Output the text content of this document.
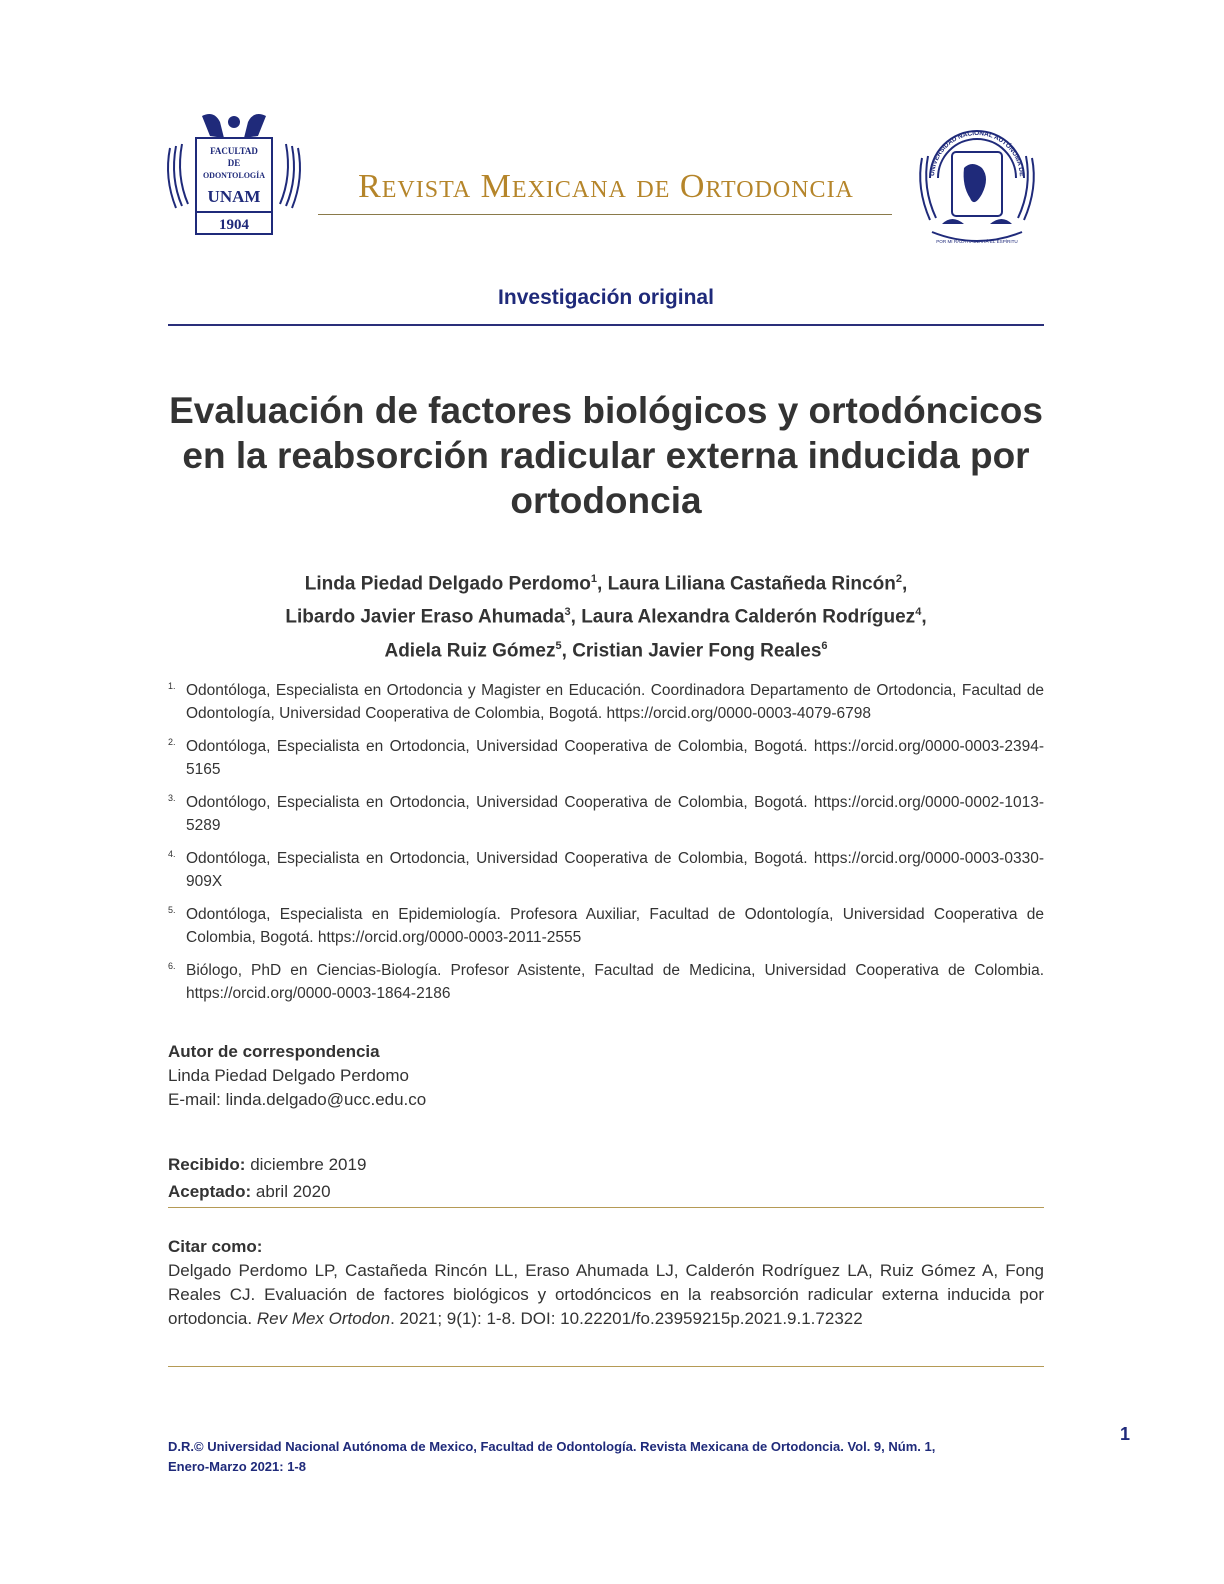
FACULTAD
DE
ODONTOLOGÍA
UNAM
1904
Revista Mexicana de Ortodoncia	UNIVERSIDAD NACIONAL AUTÓNOMA DE
POR MI RAZA HABLARÁ EL ESPÍRITU
Investigación original
Evaluación de factores biológicos y ortodóncicos en la reabsorción radicular externa inducida por ortodoncia
Linda Piedad Delgado Perdomo$^1$, Laura Liliana Castañeda Rincón$^2$,
Libardo Javier Eraso Ahumada$^3$, Laura Alexandra Calderón Rodríguez$^4$,
Adiela Ruiz Gómez$^5$, Cristian Javier Fong Reales$^6$
1. Odontóloga, Especialista en Ortodoncia y Magister en Educación. Coordinadora Departamento de Ortodoncia, Facultad de Odontología, Universidad Cooperativa de Colombia, Bogotá. https://orcid.org/0000-0003-4079-6798
2. Odontóloga, Especialista en Ortodoncia, Universidad Cooperativa de Colombia, Bogotá. https://orcid.org/0000-0003-2394-5165
3. Odontólogo, Especialista en Ortodoncia, Universidad Cooperativa de Colombia, Bogotá. https://orcid.org/0000-0002-1013-5289
4. Odontóloga, Especialista en Ortodoncia, Universidad Cooperativa de Colombia, Bogotá. https://orcid.org/0000-0003-0330-909X
5. Odontóloga, Especialista en Epidemiología. Profesora Auxiliar, Facultad de Odontología, Universidad Cooperativa de Colombia, Bogotá. https://orcid.org/0000-0003-2011-2555
6. Biólogo, PhD en Ciencias-Biología. Profesor Asistente, Facultad de Medicina, Universidad Cooperativa de Colombia. https://orcid.org/0000-0003-1864-2186
Autor de correspondencia
Linda Piedad Delgado Perdomo
E-mail: linda.delgado@ucc.edu.co
Recibido: diciembre 2019
Aceptado: abril 2020
Citar como:
Delgado Perdomo LP, Castañeda Rincón LL, Eraso Ahumada LJ, Calderón Rodríguez LA, Ruiz Gómez A, Fong Reales CJ. Evaluación de factores biológicos y ortodóncicos en la reabsorción radicular externa inducida por ortodoncia. Rev Mex Ortodon. 2021; 9(1): 1-8. DOI: 10.22201/fo.23959215p.2021.9.1.72322
D.R.© Universidad Nacional Autónoma de Mexico, Facultad de Odontología. Revista Mexicana de Ortodoncia. Vol. 9, Núm. 1,
Enero-Marzo 2021: 1-8
1
